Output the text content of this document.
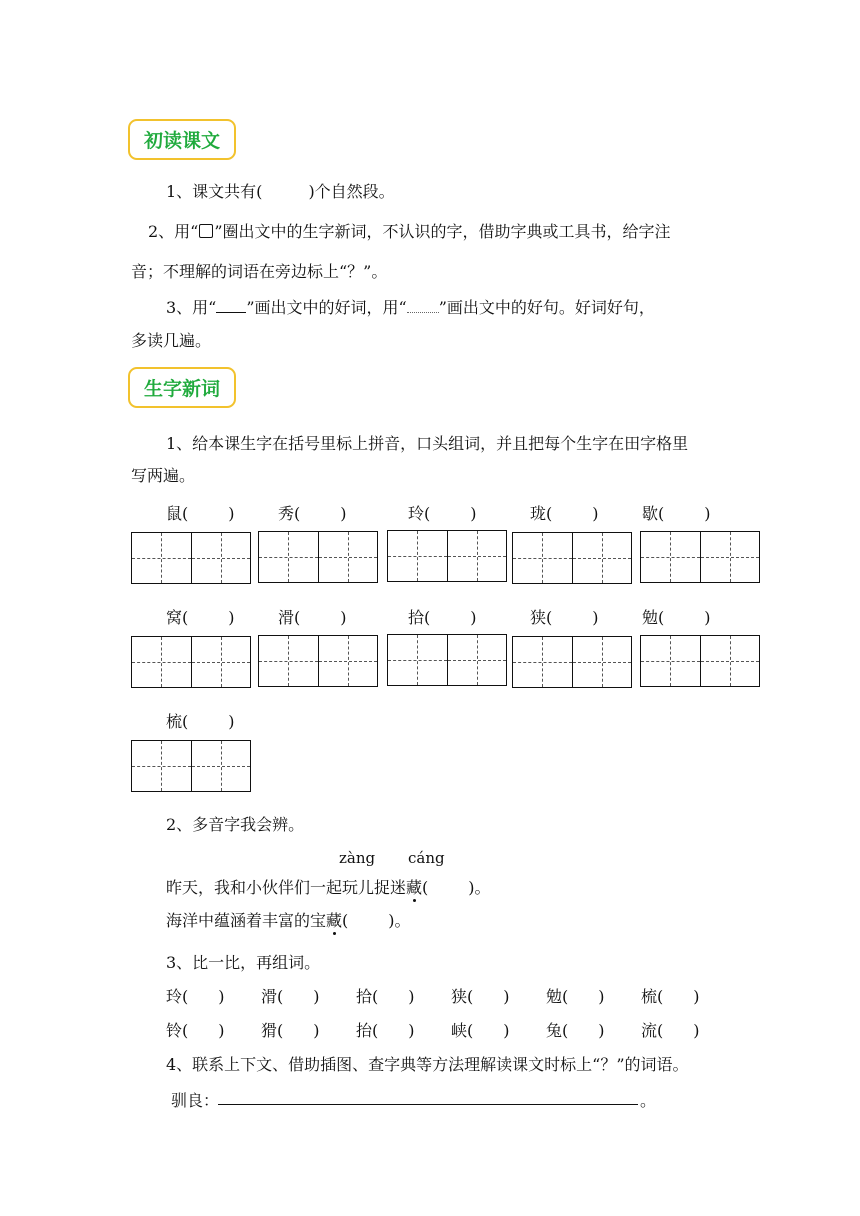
初读课文
1、课文共有(	)个自然段。
2、用“ ”圈出文中的生字新词，不认识的字，借助字典或工具书，给字注
音；不理解的词语在旁边标上“？”。
3、用“ ”画出文中的好词，用“ ”画出文中的好句。好词好句，
多读几遍。
生字新词
1、给本课生字在括号里标上拼音，口头组词，并且把每个生字在田字格里
写两遍。
鼠(	)	秀(	)	玲(	)	珑(	)	歇(	)
窝(	)	滑(	)	拾(	)	狭(	)	勉(	)
梳(	)
2、多音字我会辨。
zàng cáng
昨天，我和小伙伴们一起玩儿捉迷藏(	)。
海洋中蕴涵着丰富的宝藏(	)。
3、比一比，再组词。
玲( ) 滑( ) 拾( ) 狭( ) 勉( ) 梳( )
铃( ) 猾( ) 抬( ) 峡( ) 兔( ) 流( )
4、联系上下文、借助插图、查字典等方法理解读课文时标上“？”的词语。
驯良：	。
